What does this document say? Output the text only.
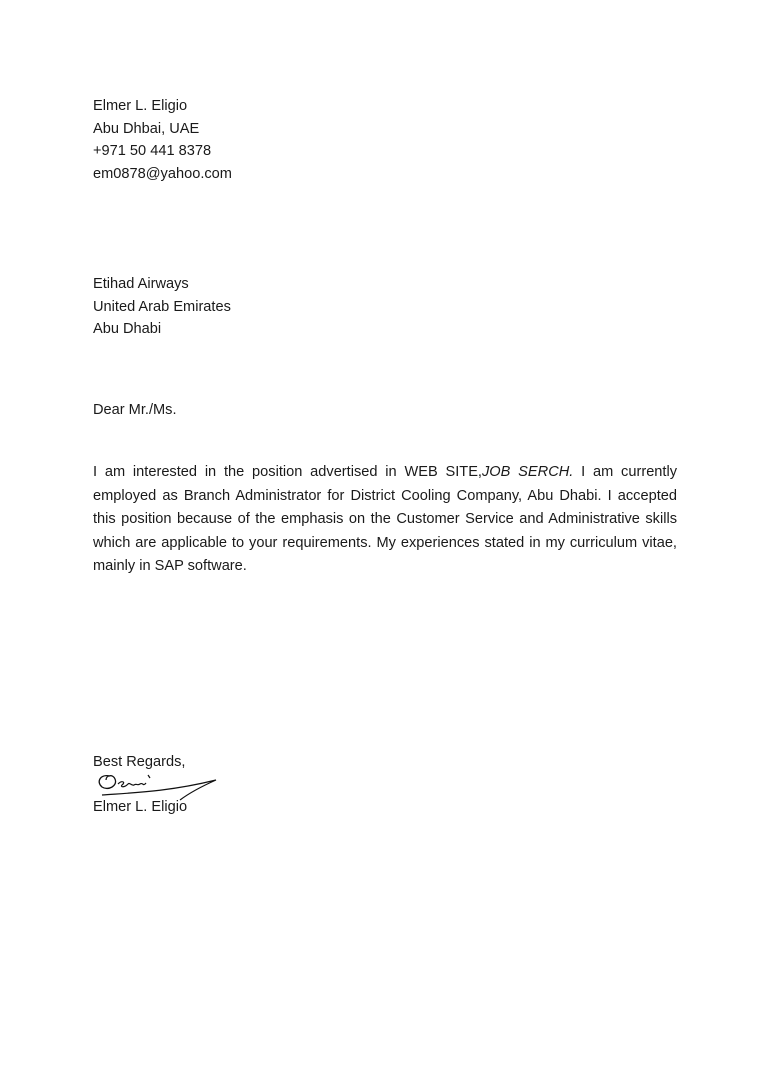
Elmer L. Eligio
Abu Dhbai, UAE
+971 50 441 8378
em0878@yahoo.com
Etihad Airways
United Arab Emirates
Abu Dhabi
Dear Mr./Ms.
I am interested in the position advertised in WEB SITE,JOB SERCH. I am currently employed as Branch Administrator for District Cooling Company, Abu Dhabi. I accepted this position because of the emphasis on the Customer Service and Administrative skills which are applicable to your requirements. My experiences stated in my curriculum vitae, mainly in SAP software.
Best Regards,
Elmer L. Eligio
